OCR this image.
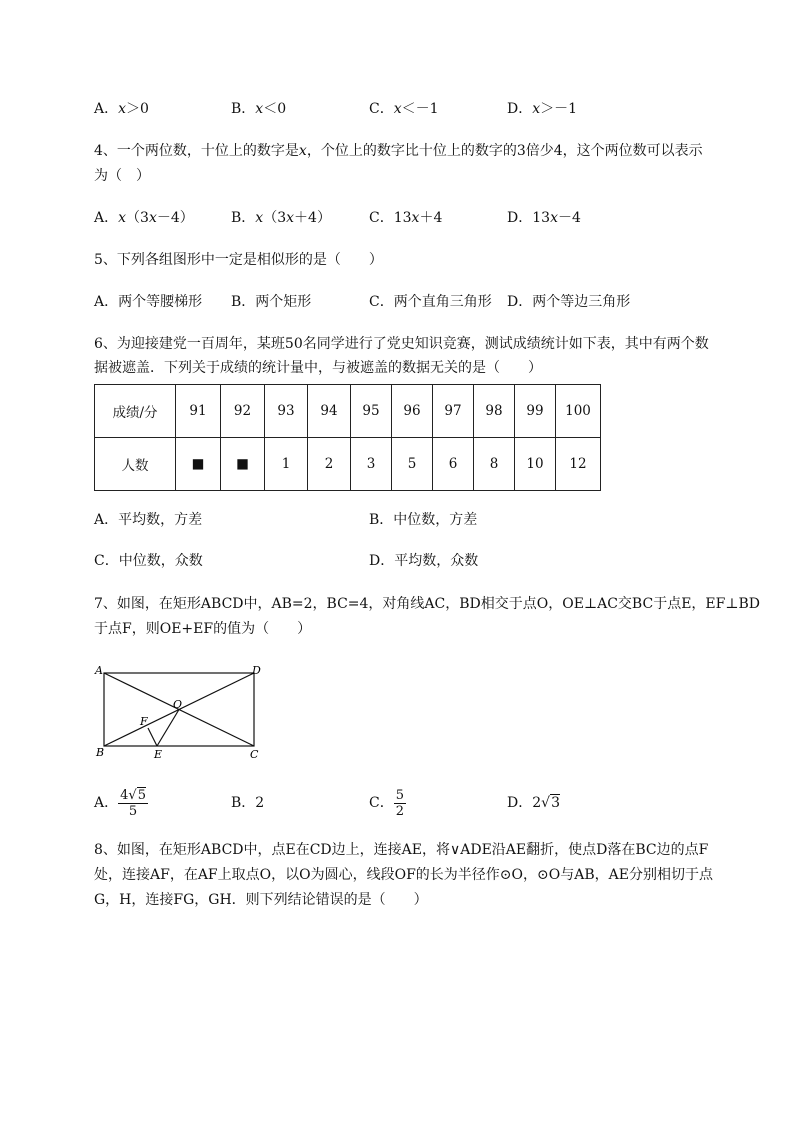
A．x＞0	B．x＜0	C．x＜－1	D．x＞－1
4、一个两位数，十位上的数字是x，个位上的数字比十位上的数字的3倍少4，这个两位数可以表示
为（　）
A．x（3x－4）	B．x（3x＋4）	C．13x＋4	D．13x－4
5、下列各组图形中一定是相似形的是（　　）
A．两个等腰梯形 B．两个矩形	C．两个直角三角形 D．两个等边三角形
6、为迎接建党一百周年，某班50名同学进行了党史知识竞赛，测试成绩统计如下表，其中有两个数
据被遮盖．下列关于成绩的统计量中，与被遮盖的数据无关的是（　　）
成绩/分	91	92	93	94	95	96	97	98	99	100
人数	■	■	1	2	3	5	6	8	10	12
A．平均数，方差	B．中位数，方差
C．中位数，众数	D．平均数，众数
7、如图，在矩形ABCD中，AB=2，BC=4，对角线AC，BD相交于点O，OE⊥AC交BC于点E，EF⊥BD
于点F，则OE+EF的值为（　　）
A	D
B	C
O
E
F
A． $\frac{4√5}{5}$	B．2	C． $\frac{5}{2}$	D．2√3
8、如图，在矩形ABCD中，点E在CD边上，连接AE，将∨ADE沿AE翻折，使点D落在BC边的点F
处，连接AF，在AF上取点O，以O为圆心，线段OF的长为半径作⊙O，⊙O与AB，AE分别相切于点
G，H，连接FG，GH．则下列结论错误的是（　　）
